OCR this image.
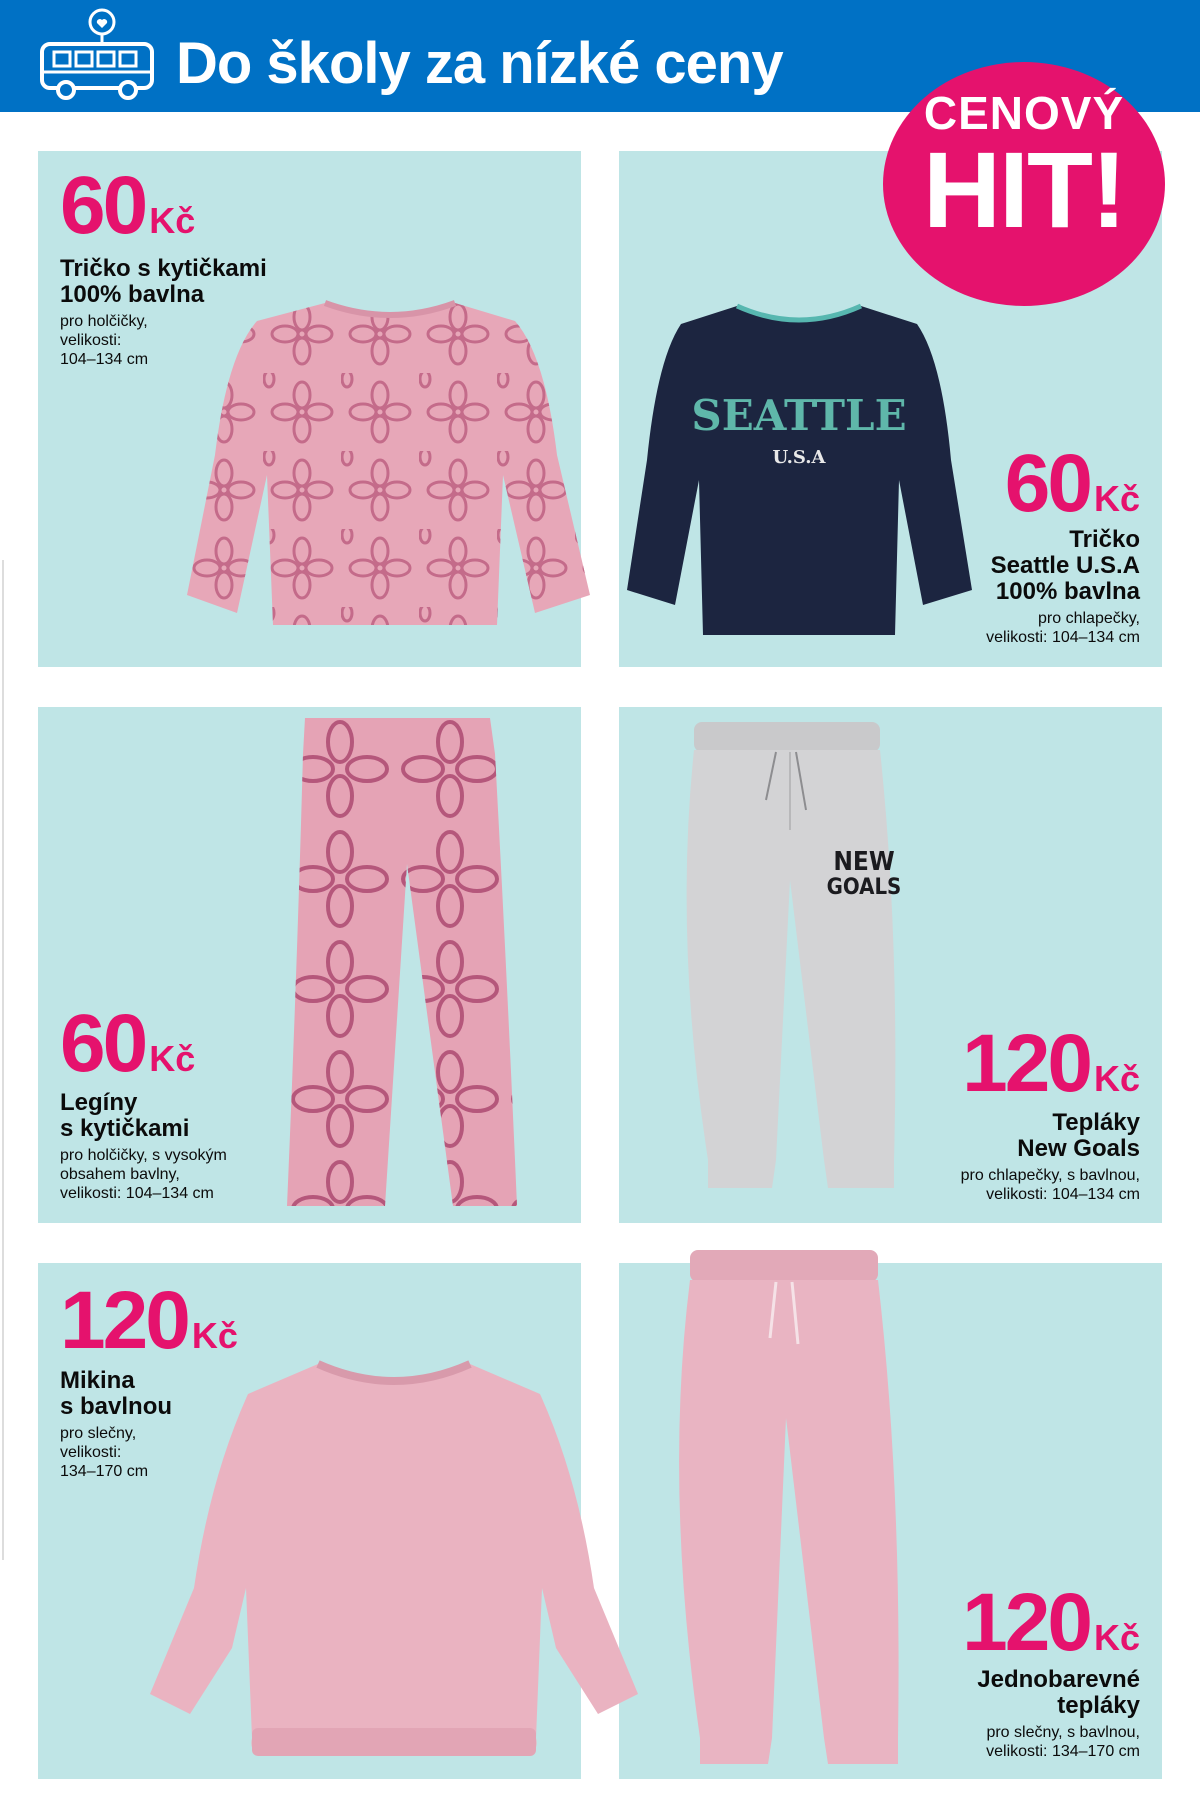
Do školy za nízké ceny
SEATTLE
U.S.A
NEW
GOALS
CENOVÝ
HIT!
60 Kč
Tričko s kytičkami
100% bavlna
pro holčičky,
velikosti:
104–134 cm
60 Kč
Tričko
Seattle U.S.A
100% bavlna
pro chlapečky,
velikosti: 104–134 cm
60 Kč
Legíny
s kytičkami
pro holčičky, s vysokým
obsahem bavlny,
velikosti: 104–134 cm
120 Kč
Tepláky
New Goals
pro chlapečky, s bavlnou,
velikosti: 104–134 cm
120 Kč
Mikina
s bavlnou
pro slečny,
velikosti:
134–170 cm
120 Kč
Jednobarevné
tepláky
pro slečny, s bavlnou,
velikosti: 134–170 cm
